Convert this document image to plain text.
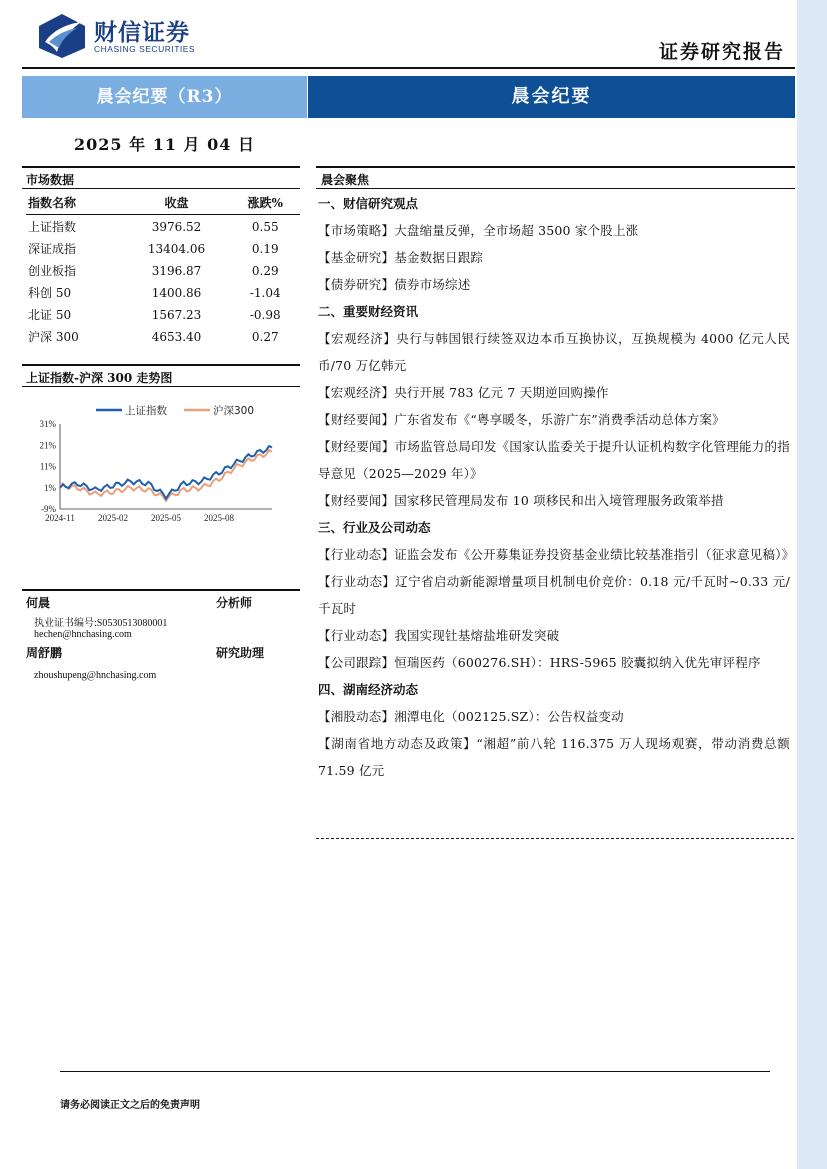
财信证券
CHASING SECURITIES	证券研究报告
晨会纪要（R3）	晨会纪要
2025 年 11 月 04 日
市场数据
指数名称	收盘	涨跌%
上证指数	3976.52	0.55
深证成指	13404.06	0.19
创业板指	3196.87	0.29
科创 50	1400.86	-1.04
北证 50	1567.23	-0.98
沪深 300	4653.40	0.27
上证指数-沪深 300 走势图
上证指数	沪深300
31%
21%
11%
1%
-9%
2024-11	2025-02	2025-05	2025-08
何晨	分析师
执业证书编号:S0530513080001
hechen@hnchasing.com
周舒鹏	研究助理
zhoushupeng@hnchasing.com
晨会聚焦
一、财信研究观点
【市场策略】大盘缩量反弹，全市场超 3500 家个股上涨
【基金研究】基金数据日跟踪
【债券研究】债券市场综述
二、重要财经资讯
【宏观经济】央行与韩国银行续签双边本币互换协议，互换规模为 4000 亿元人民币/70 万亿韩元
【宏观经济】央行开展 783 亿元 7 天期逆回购操作
【财经要闻】广东省发布《“粤享暖冬，乐游广东”消费季活动总体方案》
【财经要闻】市场监管总局印发《国家认监委关于提升认证机构数字化管理能力的指导意见（2025—2029 年）》
【财经要闻】国家移民管理局发布 10 项移民和出入境管理服务政策举措
三、行业及公司动态
【行业动态】证监会发布《公开募集证券投资基金业绩比较基准指引（征求意见稿）》
【行业动态】辽宁省启动新能源增量项目机制电价竞价：0.18 元/千瓦时~0.33 元/千瓦时
【行业动态】我国实现钍基熔盐堆研发突破
【公司跟踪】恒瑞医药（600276.SH）：HRS-5965 胶囊拟纳入优先审评程序
四、湖南经济动态
【湘股动态】湘潭电化（002125.SZ）：公告权益变动
【湖南省地方动态及政策】“湘超”前八轮 116.375 万人现场观赛，带动消费总额 71.59 亿元
请务必阅读正文之后的免责声明
